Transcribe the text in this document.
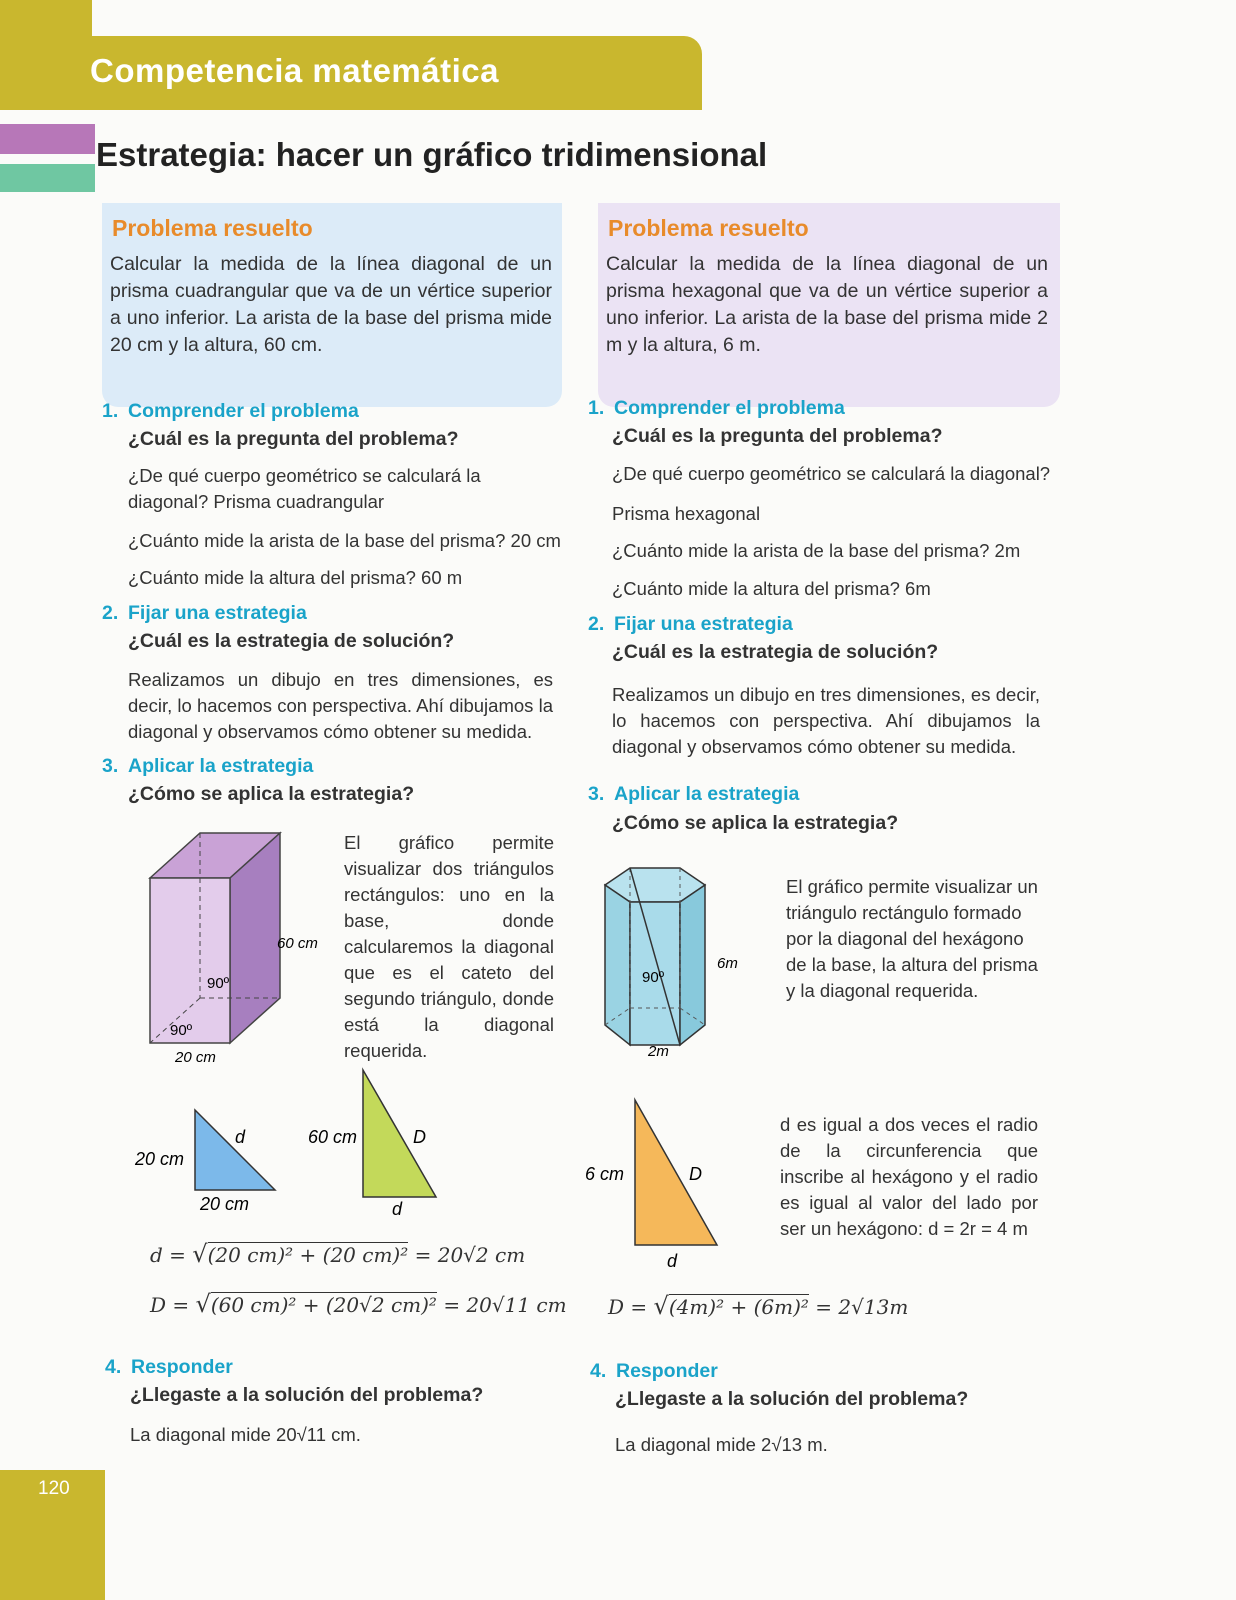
Competencia matemática
Estrategia: hacer un gráfico tridimensional
Problema resuelto
Calcular la medida de la línea diagonal de un prisma cuadrangular que va de un vértice superior a uno inferior. La arista de la base del prisma mide 20 cm y la altura, 60 cm.
Problema resuelto
Calcular la medida de la línea diagonal de un prisma hexagonal que va de un vértice superior a uno inferior. La arista de la base del prisma mide 2 m y la altura, 6 m.
1. Comprender el problema
¿Cuál es la pregunta del problema?
¿De qué cuerpo geométrico se calculará la diagonal? Prisma cuadrangular
¿Cuánto mide la arista de la base del prisma? 20 cm
¿Cuánto mide la altura del prisma? 60 m
2. Fijar una estrategia
¿Cuál es la estrategia de solución?
Realizamos un dibujo en tres dimensiones, es decir, lo hacemos con perspectiva. Ahí dibujamos la diagonal y observamos cómo obtener su medida.
3. Aplicar la estrategia
¿Cómo se aplica la estrategia?
El gráfico permite visualizar dos triángulos rectángulos: uno en la base, donde calcularemos la diagonal que es el cateto del segundo triángulo, donde está la diagonal requerida.
90º
90º
60 cm
20 cm
20 cm
20 cm
d	60 cm
d
D
d = √(20 cm)² + (20 cm)² = 20√2 cm
D = √(60 cm)² + (20√2 cm)² = 20√11 cm
4. Responder
¿Llegaste a la solución del problema?
La diagonal mide 20√11 cm.
1. Comprender el problema
¿Cuál es la pregunta del problema?
¿De qué cuerpo geométrico se calculará la diagonal?
Prisma hexagonal
¿Cuánto mide la arista de la base del prisma? 2m
¿Cuánto mide la altura del prisma? 6m
2. Fijar una estrategia
¿Cuál es la estrategia de solución?
Realizamos un dibujo en tres dimensiones, es decir, lo hacemos con perspectiva. Ahí dibujamos la diagonal y observamos cómo obtener su medida.
3. Aplicar la estrategia
¿Cómo se aplica la estrategia?
El gráfico permite visualizar un triángulo rectángulo formado por la diagonal del hexágono de la base, la altura del prisma y la diagonal requerida.
90º
6m
2m
6 cm
d
D
d es igual a dos veces el radio de la circunferencia que inscribe al hexágono y el radio es igual al valor del lado por ser un hexágono: d = 2r = 4 m
D = √(4m)² + (6m)² = 2√13m
4. Responder
¿Llegaste a la solución del problema?
La diagonal mide 2√13 m.
120
